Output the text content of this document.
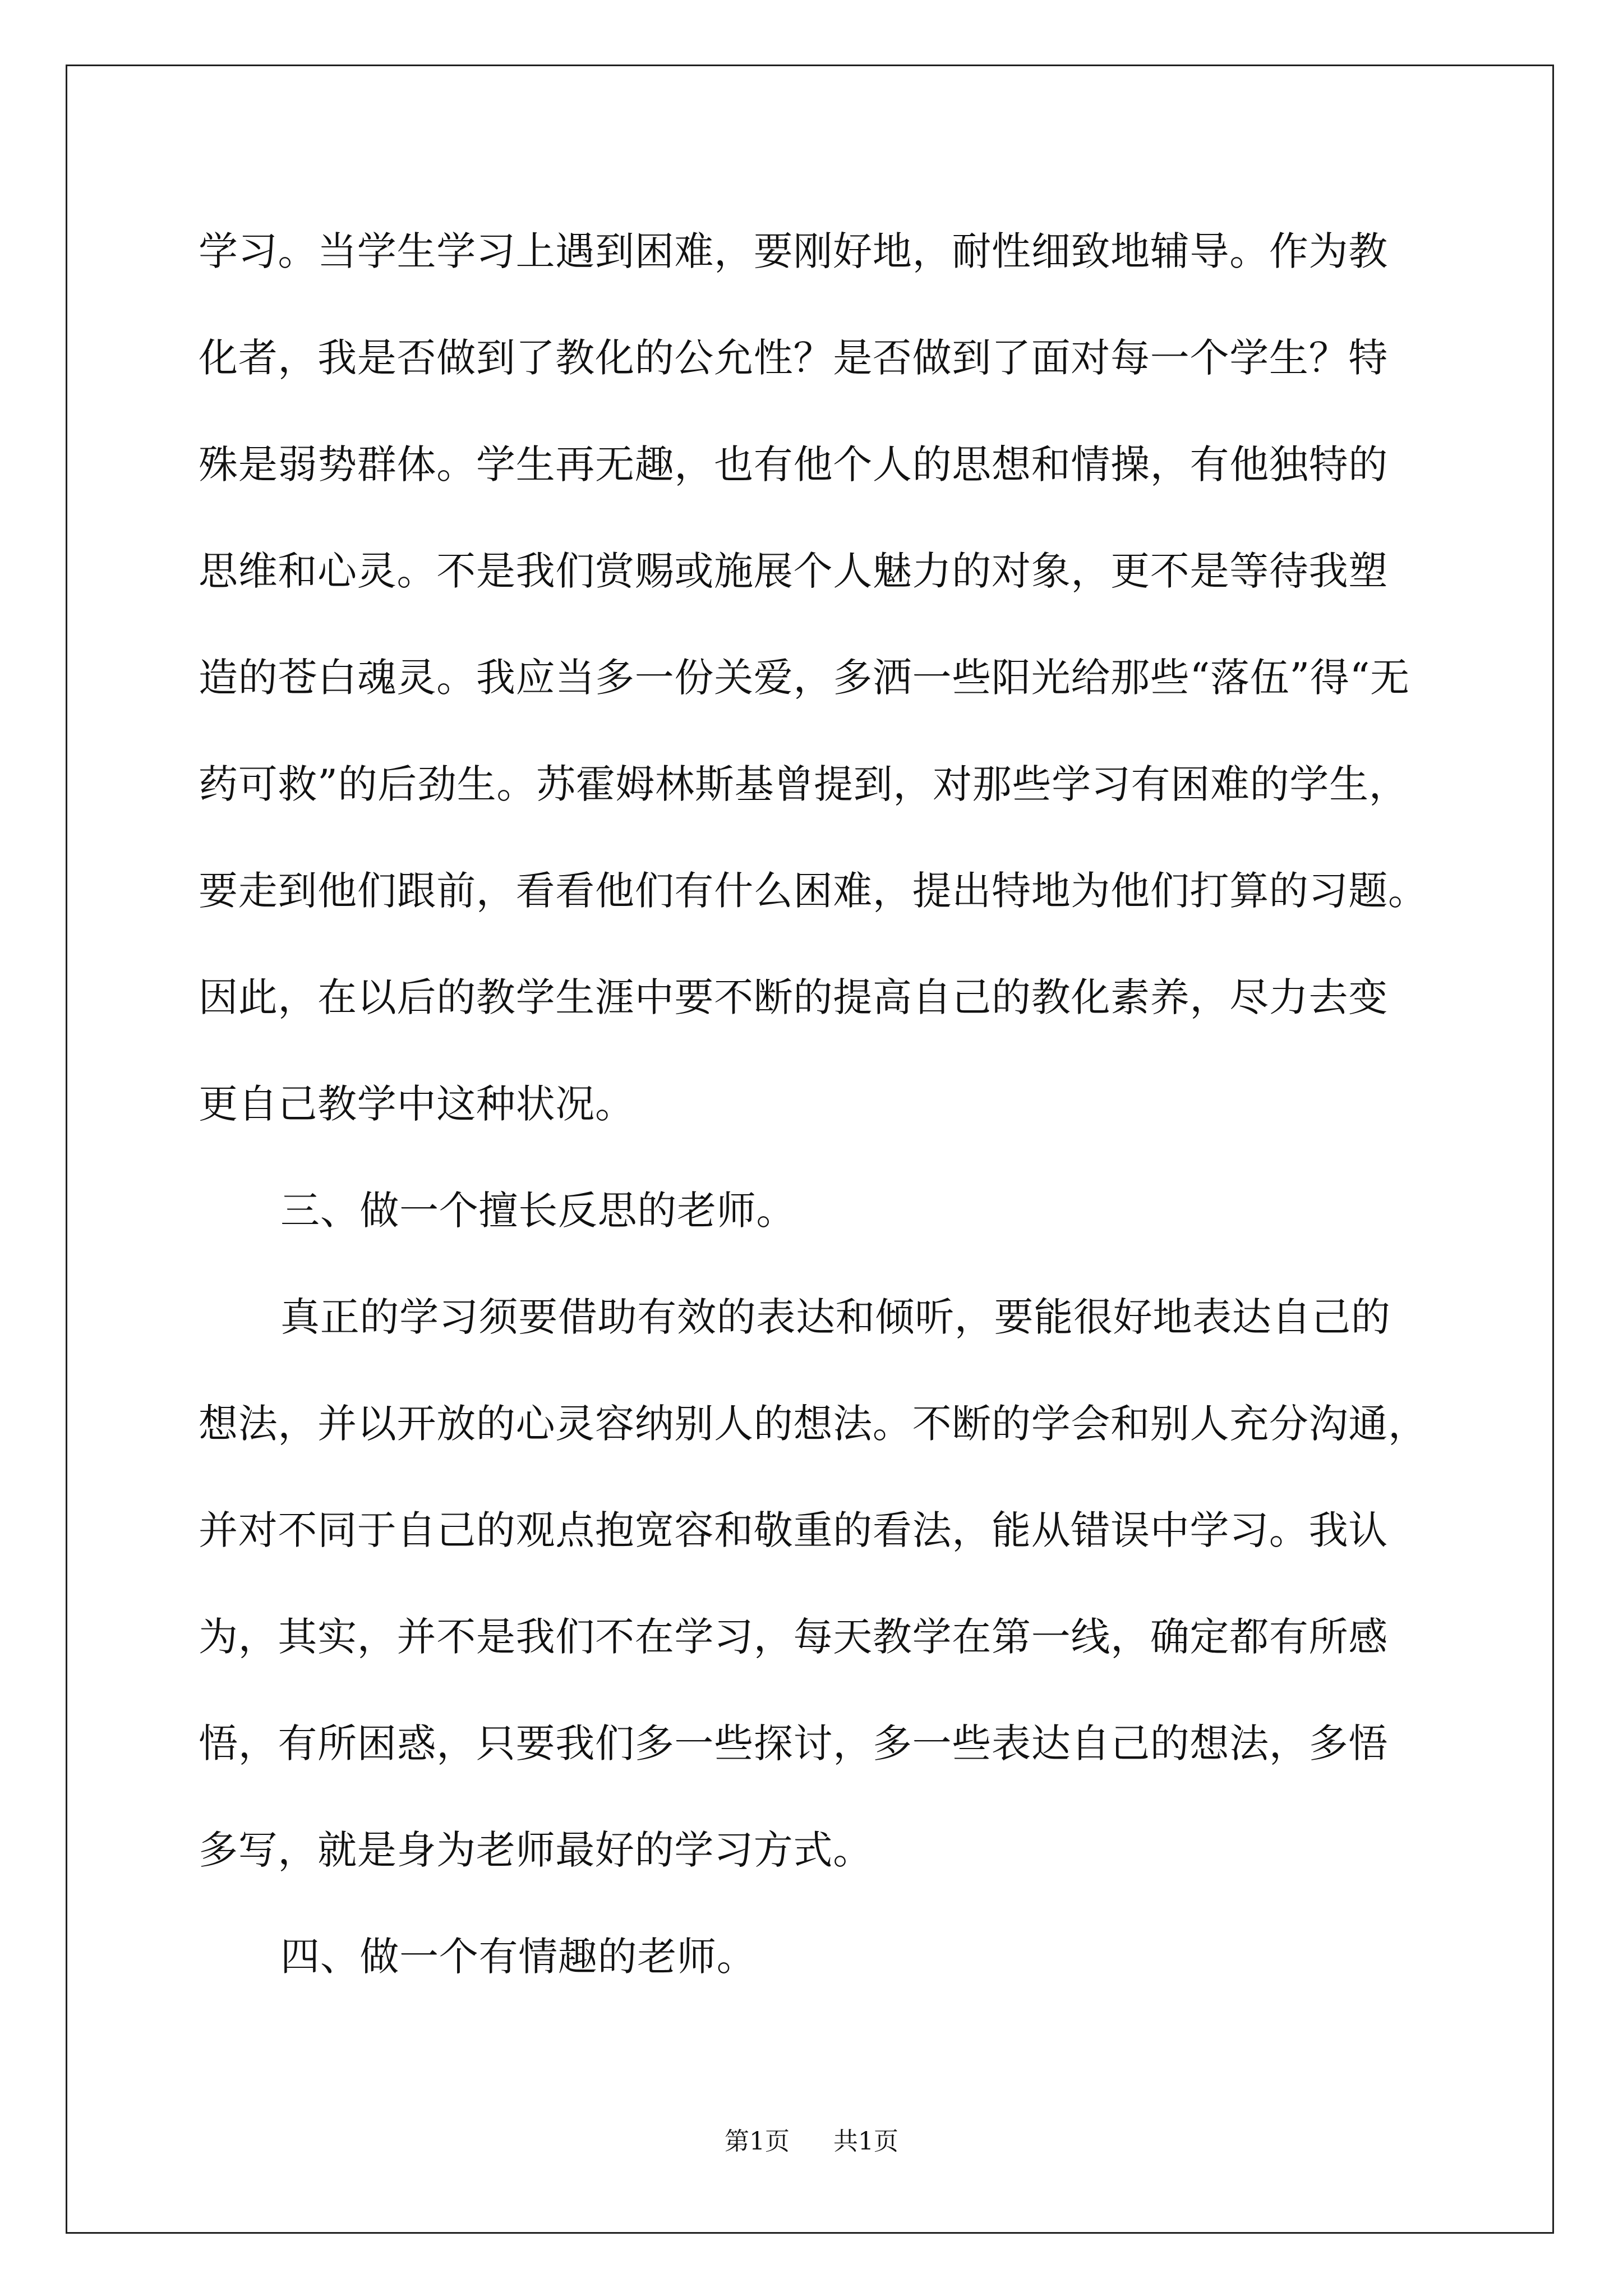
学习。当学生学习上遇到困难，要刚好地，耐性细致地辅导。作为教
化者，我是否做到了教化的公允性？是否做到了面对每一个学生？特
殊是弱势群体。学生再无趣，也有他个人的思想和情操，有他独特的
思维和心灵。不是我们赏赐或施展个人魅力的对象，更不是等待我塑
造的苍白魂灵。我应当多一份关爱，多洒一些阳光给那些“落伍”得“无
药可救”的后劲生。苏霍姆林斯基曾提到，对那些学习有困难的学生，
要走到他们跟前，看看他们有什么困难，提出特地为他们打算的习题。
因此，在以后的教学生涯中要不断的提高自己的教化素养，尽力去变
更自己教学中这种状况。
三、做一个擅长反思的老师。
真正的学习须要借助有效的表达和倾听，要能很好地表达自己的
想法，并以开放的心灵容纳别人的想法。不断的学会和别人充分沟通，
并对不同于自己的观点抱宽容和敬重的看法，能从错误中学习。我认
为，其实，并不是我们不在学习，每天教学在第一线，确定都有所感
悟，有所困惑，只要我们多一些探讨，多一些表达自己的想法，多悟
多写，就是身为老师最好的学习方式。
四、做一个有情趣的老师。
第1页 共1页
